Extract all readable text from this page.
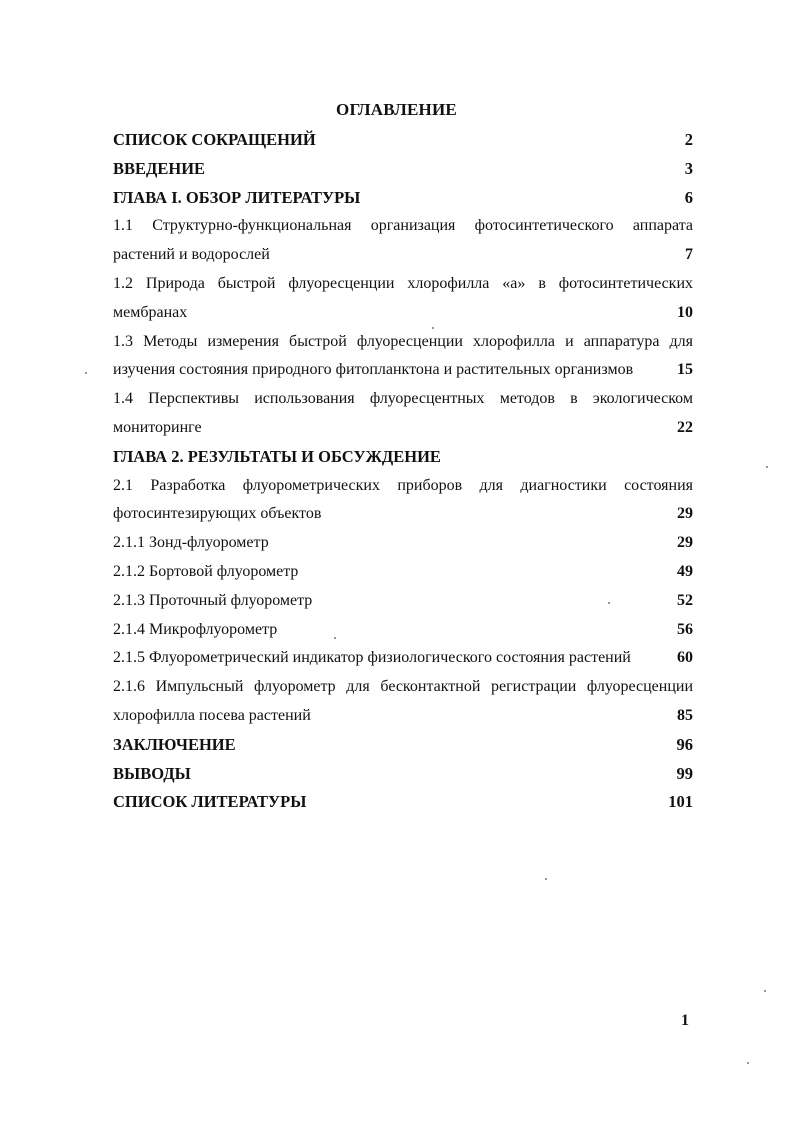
ОГЛАВЛЕНИЕ
СПИСОК СОКРАЩЕНИЙ	2
ВВЕДЕНИЕ	3
ГЛАВА I. ОБЗОР ЛИТЕРАТУРЫ	6
1.1 Структурно-функциональная организация фотосинтетического аппарата
растений и водорослей	7
1.2 Природа быстрой флуоресценции хлорофилла «а» в фотосинтетических
мембранах	10
1.3 Методы измерения быстрой флуоресценции хлорофилла и аппаратура для
изучения состояния природного фитопланктона и растительных организмов	15
1.4 Перспективы использования флуоресцентных методов в экологическом
мониторинге	22
ГЛАВА 2. РЕЗУЛЬТАТЫ И ОБСУЖДЕНИЕ
2.1 Разработка флуорометрических приборов для диагностики состояния
фотосинтезирующих объектов	29
2.1.1 Зонд-флуорометр	29
2.1.2 Бортовой флуорометр	49
2.1.3 Проточный флуорометр	52
2.1.4 Микрофлуорометр	56
2.1.5 Флуорометрический индикатор физиологического состояния растений	60
2.1.6 Импульсный флуорометр для бесконтактной регистрации флуоресценции
хлорофилла посева растений	85
ЗАКЛЮЧЕНИЕ	96
ВЫВОДЫ	99
СПИСОК ЛИТЕРАТУРЫ	101
1
